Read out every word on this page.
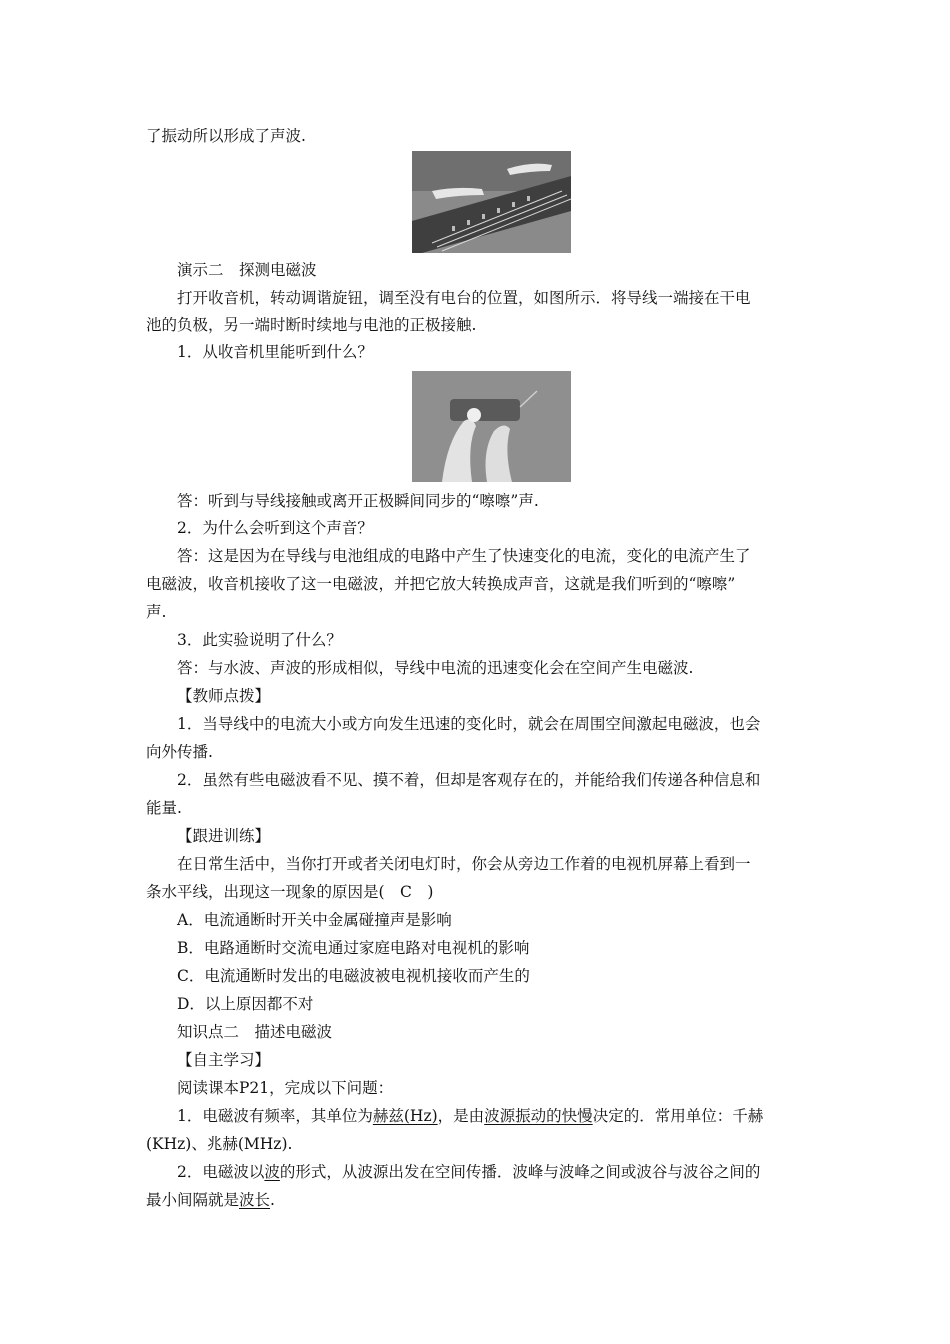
了振动所以形成了声波.
演示二　探测电磁波
打开收音机，转动调谐旋钮，调至没有电台的位置，如图所示．将导线一端接在干电
池的负极，另一端时断时续地与电池的正极接触.
1．从收音机里能听到什么？
答：听到与导线接触或离开正极瞬间同步的“嚓嚓”声.
2．为什么会听到这个声音？
答：这是因为在导线与电池组成的电路中产生了快速变化的电流，变化的电流产生了
电磁波，收音机接收了这一电磁波，并把它放大转换成声音，这就是我们听到的“嚓嚓”
声.
3．此实验说明了什么？
答：与水波、声波的形成相似，导线中电流的迅速变化会在空间产生电磁波.
【教师点拨】
1．当导线中的电流大小或方向发生迅速的变化时，就会在周围空间激起电磁波，也会
向外传播.
2．虽然有些电磁波看不见、摸不着，但却是客观存在的，并能给我们传递各种信息和
能量.
【跟进训练】
在日常生活中，当你打开或者关闭电灯时，你会从旁边工作着的电视机屏幕上看到一
条水平线，出现这一现象的原因是(　C　)
A．电流通断时开关中金属碰撞声是影响
B．电路通断时交流电通过家庭电路对电视机的影响
C．电流通断时发出的电磁波被电视机接收而产生的
D．以上原因都不对
知识点二　描述电磁波
【自主学习】
阅读课本P21，完成以下问题：
1．电磁波有频率，其单位为赫兹(Hz)，是由波源振动的快慢决定的．常用单位：千赫
(KHz)、兆赫(MHz).
2．电磁波以波的形式，从波源出发在空间传播．波峰与波峰之间或波谷与波谷之间的
最小间隔就是波长.
